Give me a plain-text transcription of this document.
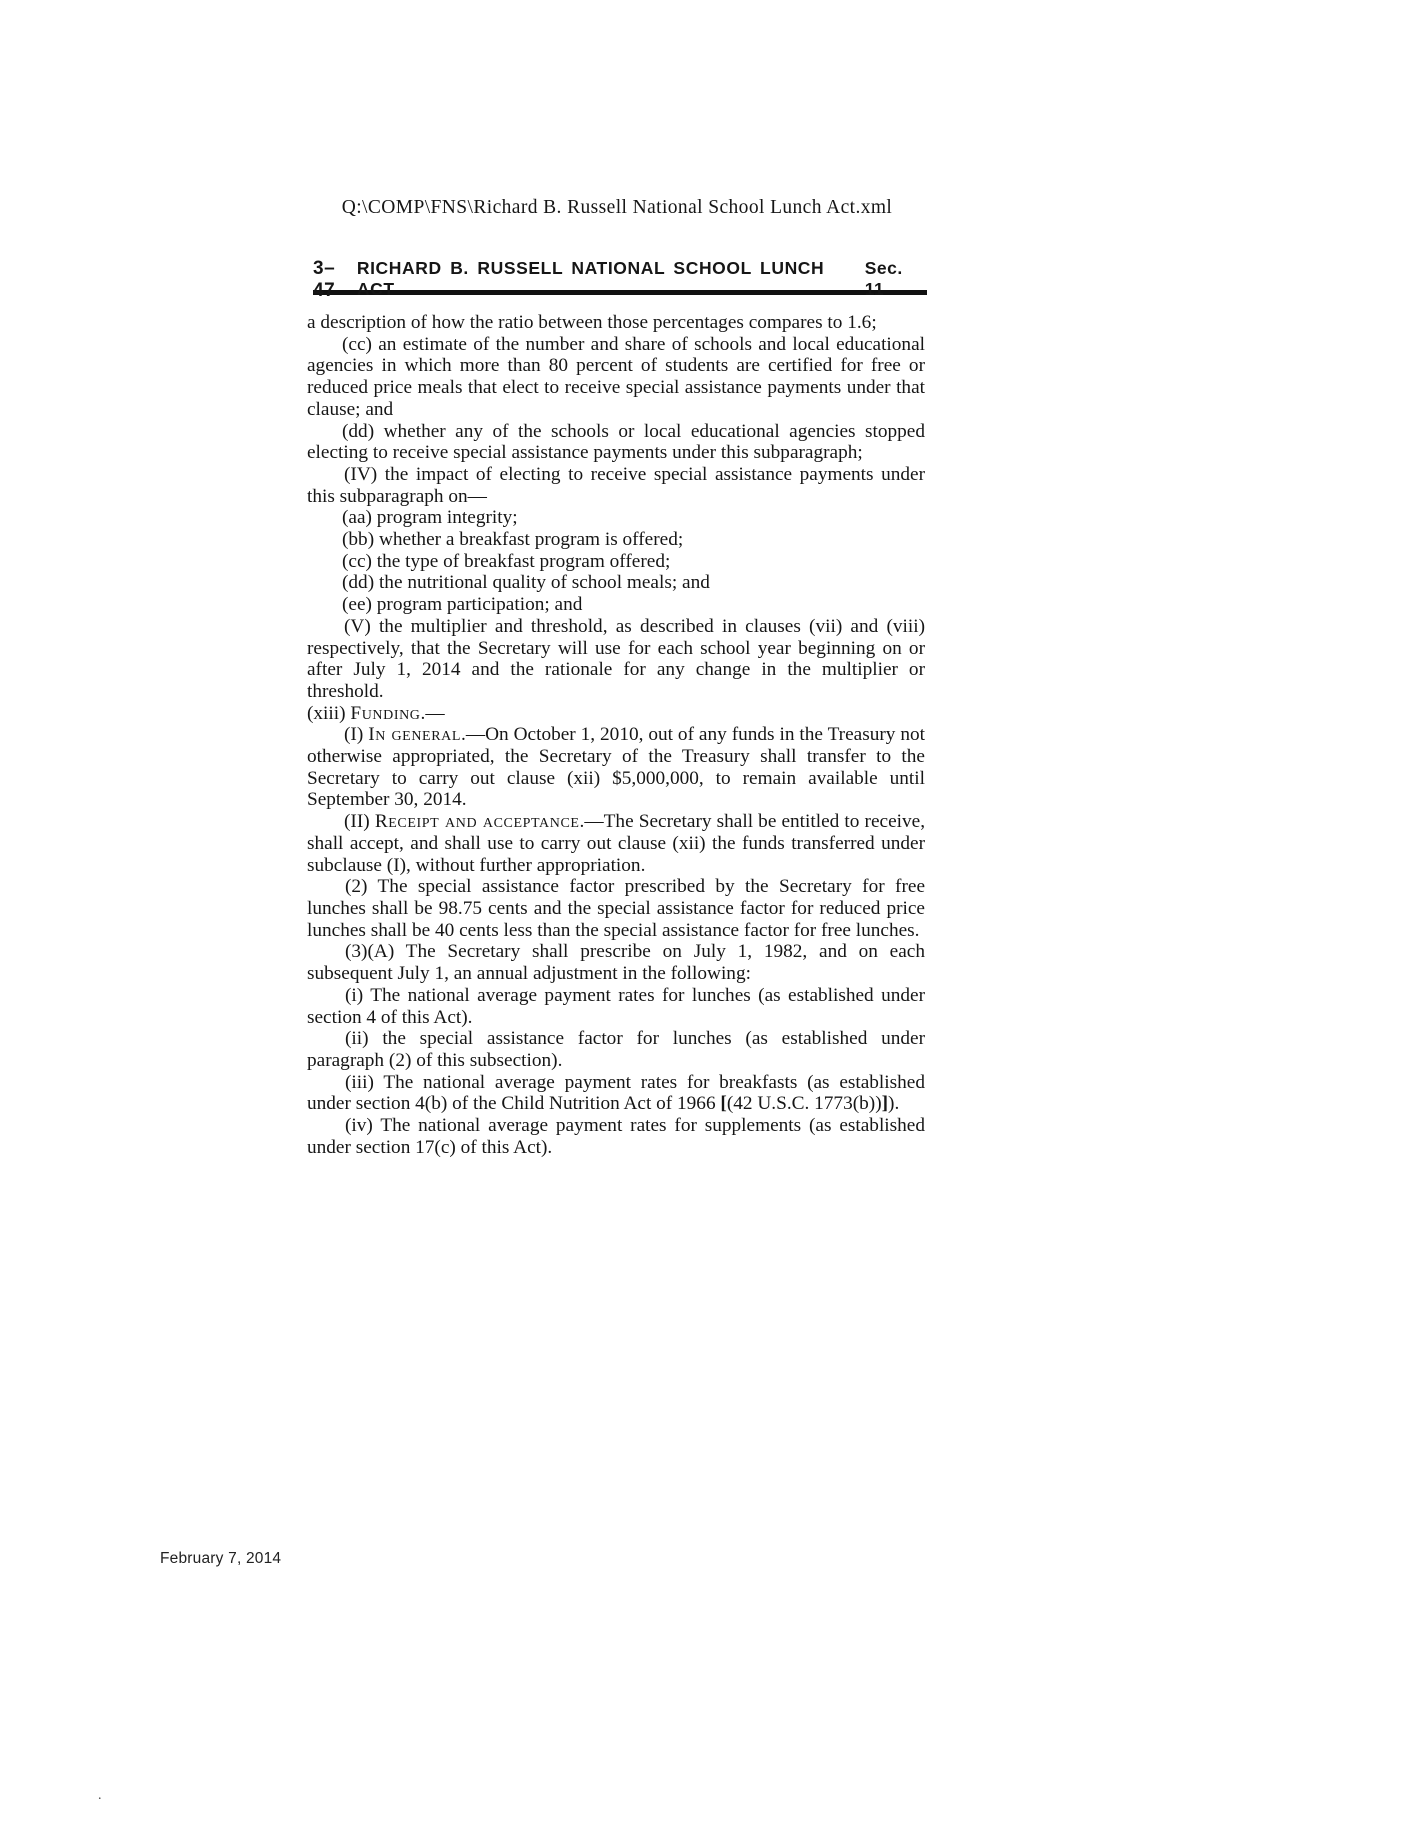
Q:\COMP\FNS\Richard B. Russell National School Lunch Act.xml
3–47
RICHARD B. RUSSELL NATIONAL SCHOOL LUNCH ACT
Sec. 11

a description of how the ratio between those percentages compares to 1.6;

(cc) an estimate of the number and share of schools and local educational agencies in which more than 80 percent of students are certified for free or reduced price meals that elect to receive special assistance payments under that clause; and

(dd) whether any of the schools or local educational agencies stopped electing to receive special assistance payments under this subparagraph;

(IV) the impact of electing to receive special assistance payments under this subparagraph on—

(aa) program integrity;

(bb) whether a breakfast program is offered;

(cc) the type of breakfast program offered;

(dd) the nutritional quality of school meals; and

(ee) program participation; and

(V) the multiplier and threshold, as described in clauses (vii) and (viii) respectively, that the Secretary will use for each school year beginning on or after July 1, 2014 and the rationale for any change in the multiplier or threshold.

(xiii) Funding.—

(I) In general.—On October 1, 2010, out of any funds in the Treasury not otherwise appropriated, the Secretary of the Treasury shall transfer to the Secretary to carry out clause (xii) $5,000,000, to remain available until September 30, 2014.

(II) Receipt and acceptance.—The Secretary shall be entitled to receive, shall accept, and shall use to carry out clause (xii) the funds transferred under subclause (I), without further appropriation.

(2) The special assistance factor prescribed by the Secretary for free lunches shall be 98.75 cents and the special assistance factor for reduced price lunches shall be 40 cents less than the special assistance factor for free lunches.

(3)(A) The Secretary shall prescribe on July 1, 1982, and on each subsequent July 1, an annual adjustment in the following:

(i) The national average payment rates for lunches (as established under section 4 of this Act).

(ii) the special assistance factor for lunches (as established under paragraph (2) of this subsection).

(iii) The national average payment rates for breakfasts (as established under section 4(b) of the Child Nutrition Act of 1966 [(42 U.S.C. 1773(b))]).

(iv) The national average payment rates for supplements (as established under section 17(c) of this Act).

February 7, 2014
.
